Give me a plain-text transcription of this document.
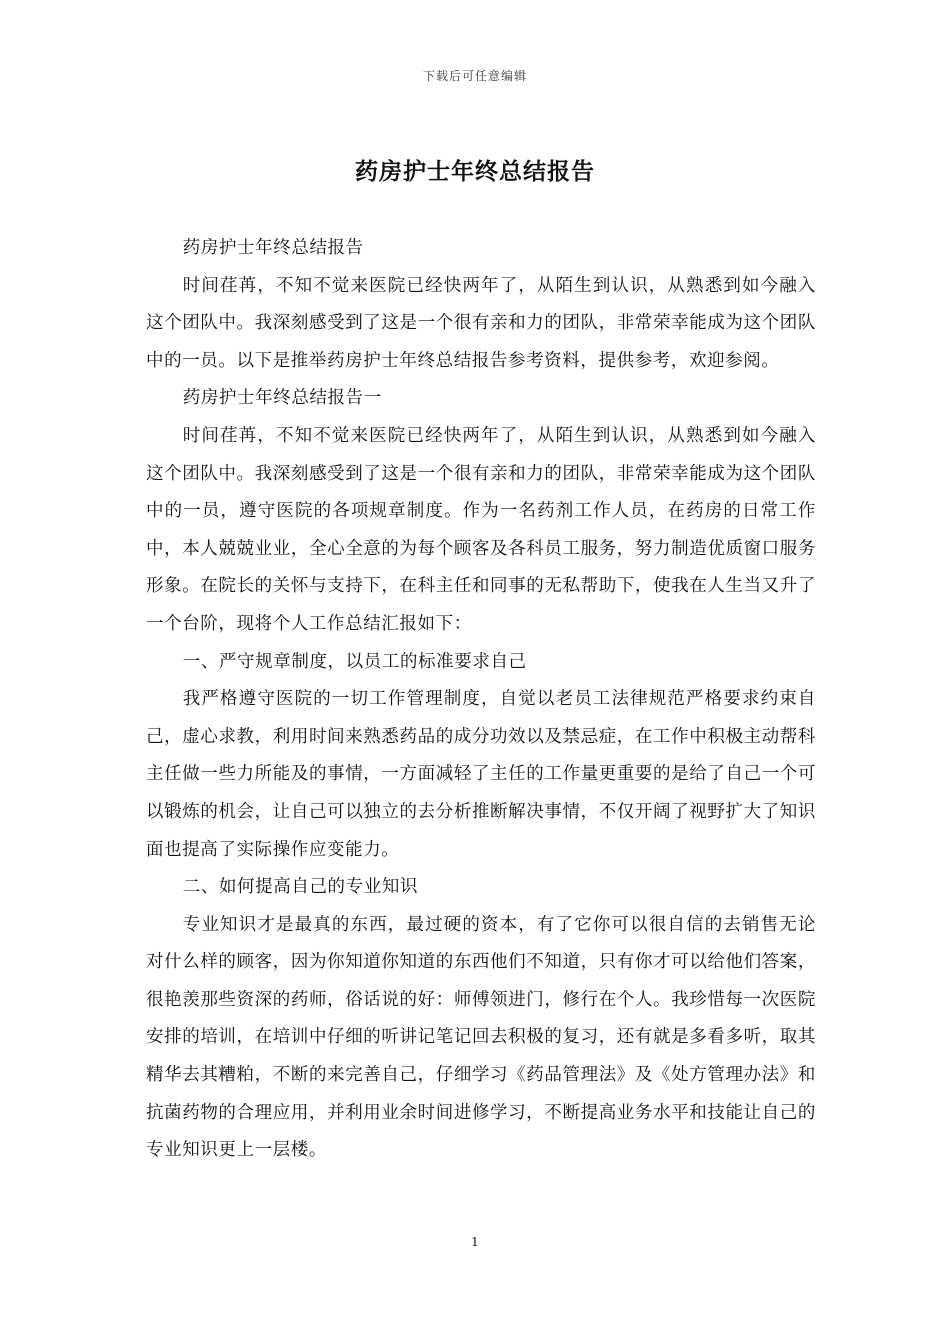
下载后可任意编辑
药房护士年终总结报告

药房护士年终总结报告

时间荏苒，不知不觉来医院已经快两年了，从陌生到认识，从熟悉到如今融入这个团队中。我深刻感受到了这是一个很有亲和力的团队，非常荣幸能成为这个团队中的一员。以下是推举药房护士年终总结报告参考资料，提供参考，欢迎参阅。

药房护士年终总结报告一

时间荏苒，不知不觉来医院已经快两年了，从陌生到认识，从熟悉到如今融入这个团队中。我深刻感受到了这是一个很有亲和力的团队，非常荣幸能成为这个团队中的一员，遵守医院的各项规章制度。作为一名药剂工作人员，在药房的日常工作中，本人兢兢业业，全心全意的为每个顾客及各科员工服务，努力制造优质窗口服务形象。在院长的关怀与支持下，在科主任和同事的无私帮助下，使我在人生当又升了一个台阶，现将个人工作总结汇报如下：

一、严守规章制度，以员工的标准要求自己

我严格遵守医院的一切工作管理制度，自觉以老员工法律规范严格要求约束自己，虚心求教，利用时间来熟悉药品的成分功效以及禁忌症，在工作中积极主动帮科主任做一些力所能及的事情，一方面减轻了主任的工作量更重要的是给了自己一个可以锻炼的机会，让自己可以独立的去分析推断解决事情，不仅开阔了视野扩大了知识面也提高了实际操作应变能力。

二、如何提高自己的专业知识

专业知识才是最真的东西，最过硬的资本，有了它你可以很自信的去销售无论对什么样的顾客，因为你知道你知道的东西他们不知道，只有你才可以给他们答案，很艳羡那些资深的药师，俗话说的好：师傅领进门，修行在个人。我珍惜每一次医院安排的培训，在培训中仔细的听讲记笔记回去积极的复习，还有就是多看多听，取其精华去其糟粕，不断的来完善自己，仔细学习《药品管理法》及《处方管理办法》和抗菌药物的合理应用，并利用业余时间进修学习，不断提高业务水平和技能让自己的专业知识更上一层楼。

1
